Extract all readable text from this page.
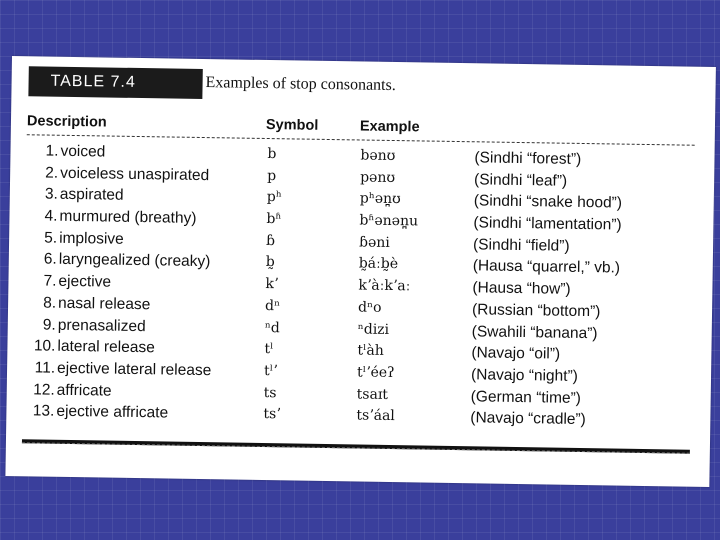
TABLE 7.4	Examples of stop consonants.
Description	Symbol	Example
1. voiced	b	bənʊ	(Sindhi “forest”)
2. voiceless unaspirated	p	pənʊ	(Sindhi “leaf”)
3. aspirated	pʰ	pʰən̪ʊ	(Sindhi “snake hood”)
4. murmured (breathy)	bʱ	bʱənən̪u	(Sindhi “lamentation”)
5. implosive	ɓ	ɓəni	(Sindhi “field”)
6. laryngealized (creaky)	b̰	b̰áːb̰è	(Hausa “quarrel,” vb.)
7. ejective	kʼ	kʼàːkʼaː	(Hausa “how”)
8. nasal release	dⁿ	dⁿo	(Russian “bottom”)
9. prenasalized	ⁿd	ⁿdizi	(Swahili “banana”)
10. lateral release	tˡ	tˡàh	(Navajo “oil”)
11. ejective lateral release	tˡʼ	tˡʼéeʔ	(Navajo “night”)
12. affricate	ts	tsaɪt	(German “time”)
13. ejective affricate	tsʼ	tsʼáal	(Navajo “cradle”)
